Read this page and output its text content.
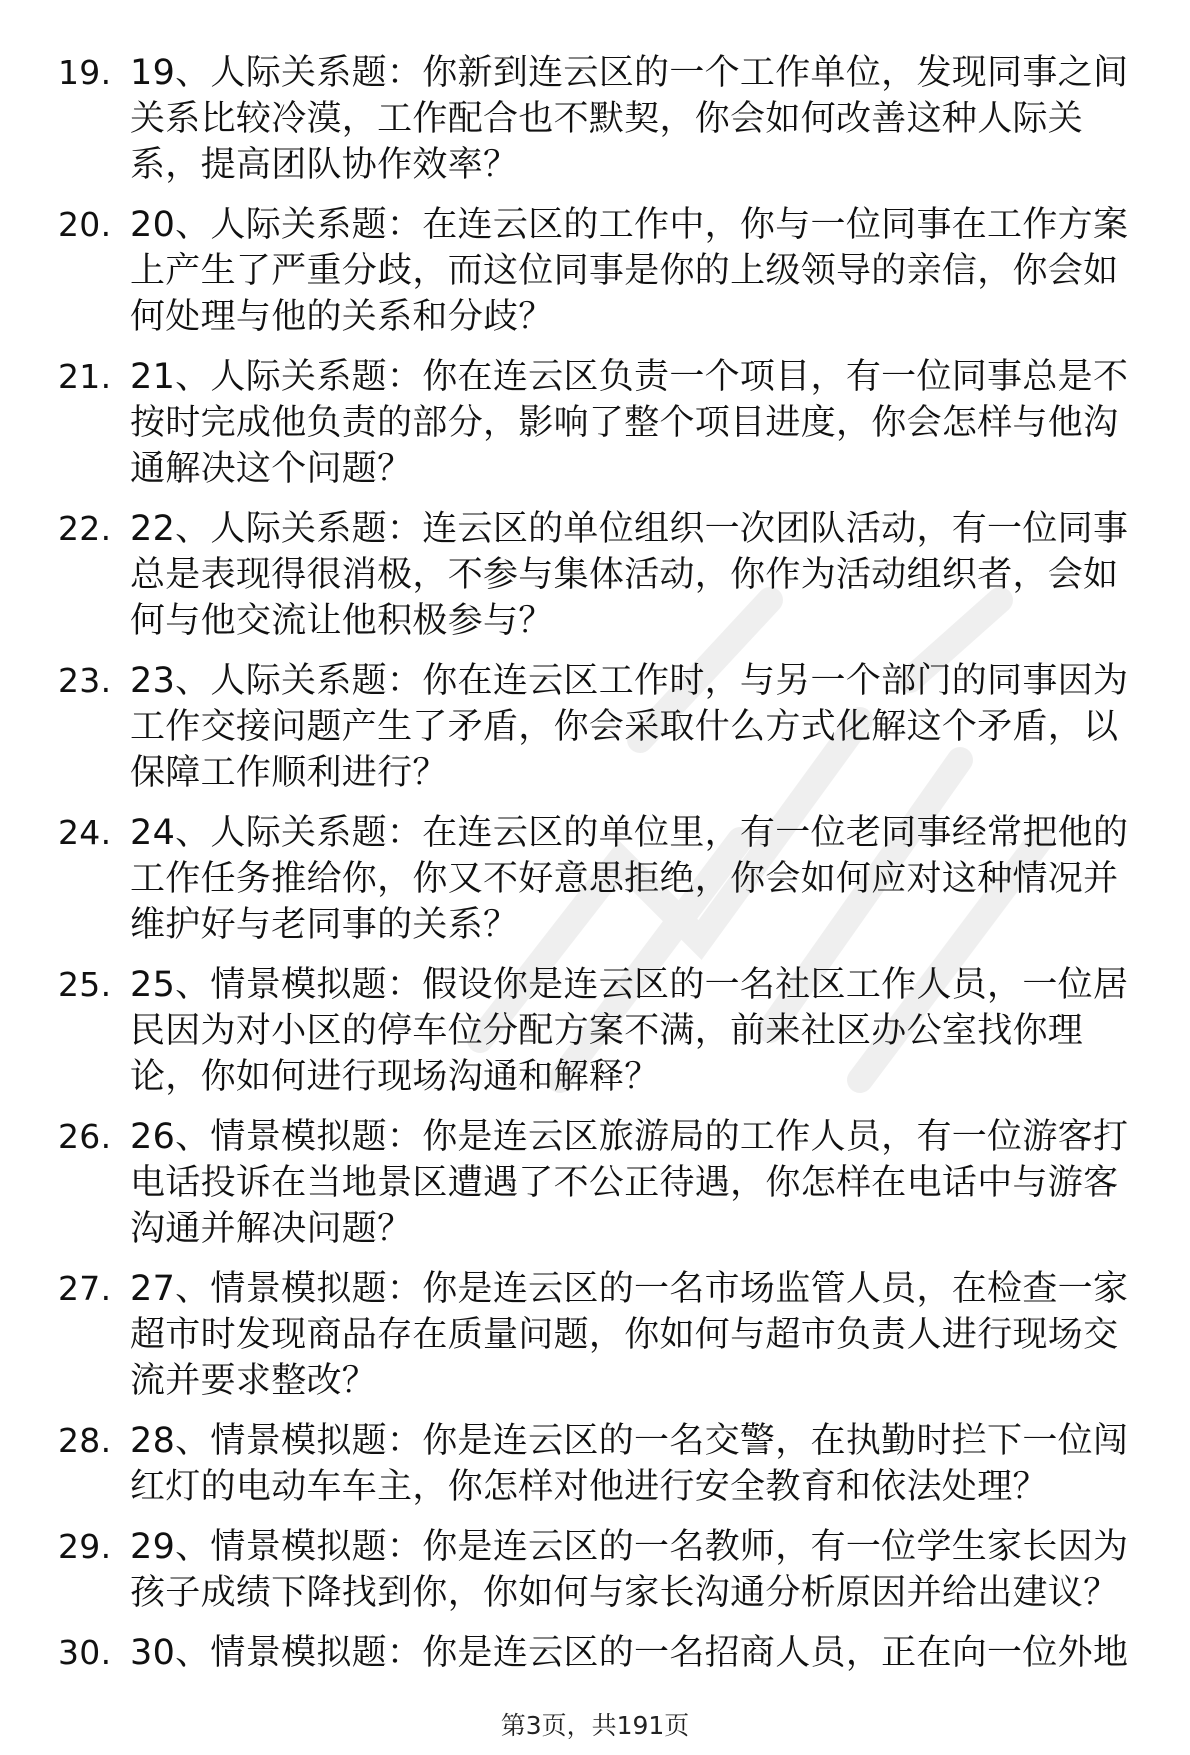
19. 19、人际关系题：你新到连云区的一个工作单位，发现同事之间关系比较冷漠，工作配合也不默契，你会如何改善这种人际关系，提高团队协作效率？
20. 20、人际关系题：在连云区的工作中，你与一位同事在工作方案上产生了严重分歧，而这位同事是你的上级领导的亲信，你会如何处理与他的关系和分歧？
21. 21、人际关系题：你在连云区负责一个项目，有一位同事总是不按时完成他负责的部分，影响了整个项目进度，你会怎样与他沟通解决这个问题？
22. 22、人际关系题：连云区的单位组织一次团队活动，有一位同事总是表现得很消极，不参与集体活动，你作为活动组织者，会如何与他交流让他积极参与？
23. 23、人际关系题：你在连云区工作时，与另一个部门的同事因为工作交接问题产生了矛盾，你会采取什么方式化解这个矛盾，以保障工作顺利进行？
24. 24、人际关系题：在连云区的单位里，有一位老同事经常把他的工作任务推给你，你又不好意思拒绝，你会如何应对这种情况并维护好与老同事的关系？
25. 25、情景模拟题：假设你是连云区的一名社区工作人员，一位居民因为对小区的停车位分配方案不满，前来社区办公室找你理论，你如何进行现场沟通和解释？
26. 26、情景模拟题：你是连云区旅游局的工作人员，有一位游客打电话投诉在当地景区遭遇了不公正待遇，你怎样在电话中与游客沟通并解决问题？
27. 27、情景模拟题：你是连云区的一名市场监管人员，在检查一家超市时发现商品存在质量问题，你如何与超市负责人进行现场交流并要求整改？
28. 28、情景模拟题：你是连云区的一名交警，在执勤时拦下一位闯红灯的电动车车主，你怎样对他进行安全教育和依法处理？
29. 29、情景模拟题：你是连云区的一名教师，有一位学生家长因为孩子成绩下降找到你，你如何与家长沟通分析原因并给出建议？
30. 30、情景模拟题：你是连云区的一名招商人员，正在向一位外地
第3页，共191页
